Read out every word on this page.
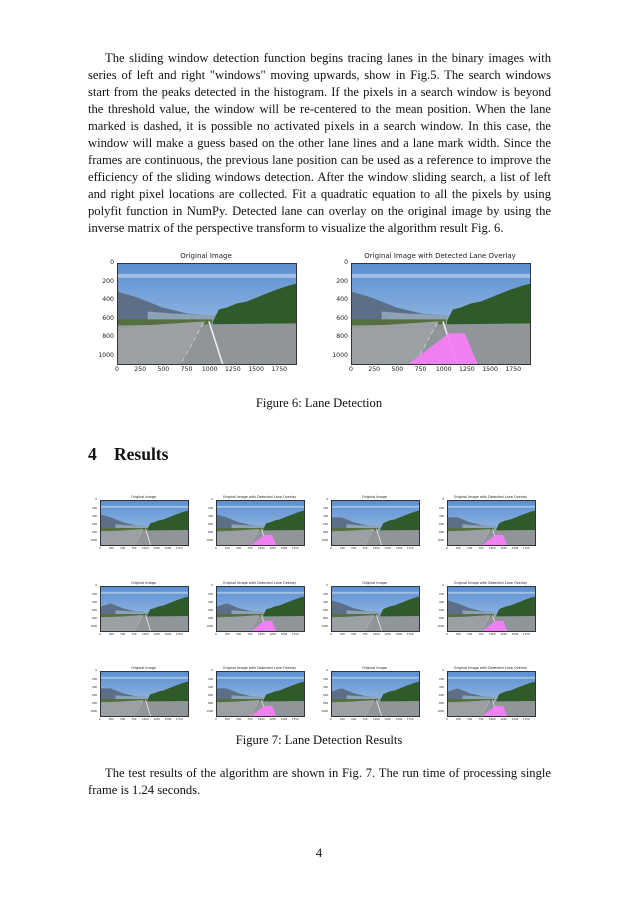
The sliding window detection function begins tracing lanes in the binary images with series of left and right "windows" moving upwards, show in Fig.5. The search windows start from the peaks detected in the histogram. If the pixels in a search window is beyond the threshold value, the window will be re-centered to the mean position. When the lane marked is dashed, it is possible no activated pixels in a search window. In this case, the window will make a guess based on the other lane lines and a lane mark width. Since the frames are continuous, the previous lane position can be used as a reference to improve the efficiency of the sliding windows detection. After the window sliding search, a list of left and right pixel locations are collected. Fit a quadratic equation to all the pixels by using polyfit function in NumPy. Detected lane can overlay on the original image by using the inverse matrix of the perspective transform to visualize the algorithm result Fig. 6.

Original Image
0
200
400
600
800
1000
0 250 500 750 1000 1250 1500 1750
Original Image with Detected Lane Overlay
0
200
400
600
800
1000
0 250 500 750 1000 1250 1500 1750
Figure 6: Lane Detection
4 Results
Original Image
0
200
400
600
800
1000
0	250 500 750 1000 1250 1500 1750
Original Image with Detected Lane Overlay
0
200
400
600
800
1000
0	250 500 750 1000 1250 1500 1750
Original Image
0
200
400
600
800
1000
0	250 500 750 1000 1250 1500 1750
Original Image with Detected Lane Overlay
0
200
400
600
800
1000
0	250 500 750 1000 1250 1500 1750
Original Image
0
200
400
600
800
1000
0	250 500 750 1000 1250 1500 1750
Original Image with Detected Lane Overlay
0
200
400
600
800
1000
0	250 500 750 1000 1250 1500 1750
Original Image
0
200
400
600
800
1000
0	250 500 750 1000 1250 1500 1750
Original Image with Detected Lane Overlay
0
200
400
600
800
1000
0	250 500 750 1000 1250 1500 1750
Original Image
0
200
400
600
800
1000
0	250 500 750 1000 1250 1500 1750
Original Image with Detected Lane Overlay
0
200
400
600
800
1000
0	250 500 750 1000 1250 1500 1750
Original Image
0
200
400
600
800
1000
0	250 500 750 1000 1250 1500 1750
Original Image with Detected Lane Overlay
0
200
400
600
800
1000
0	250 500 750 1000 1250 1500 1750
Figure 7: Lane Detection Results

The test results of the algorithm are shown in Fig. 7. The run time of processing single frame is 1.24 seconds.

4
